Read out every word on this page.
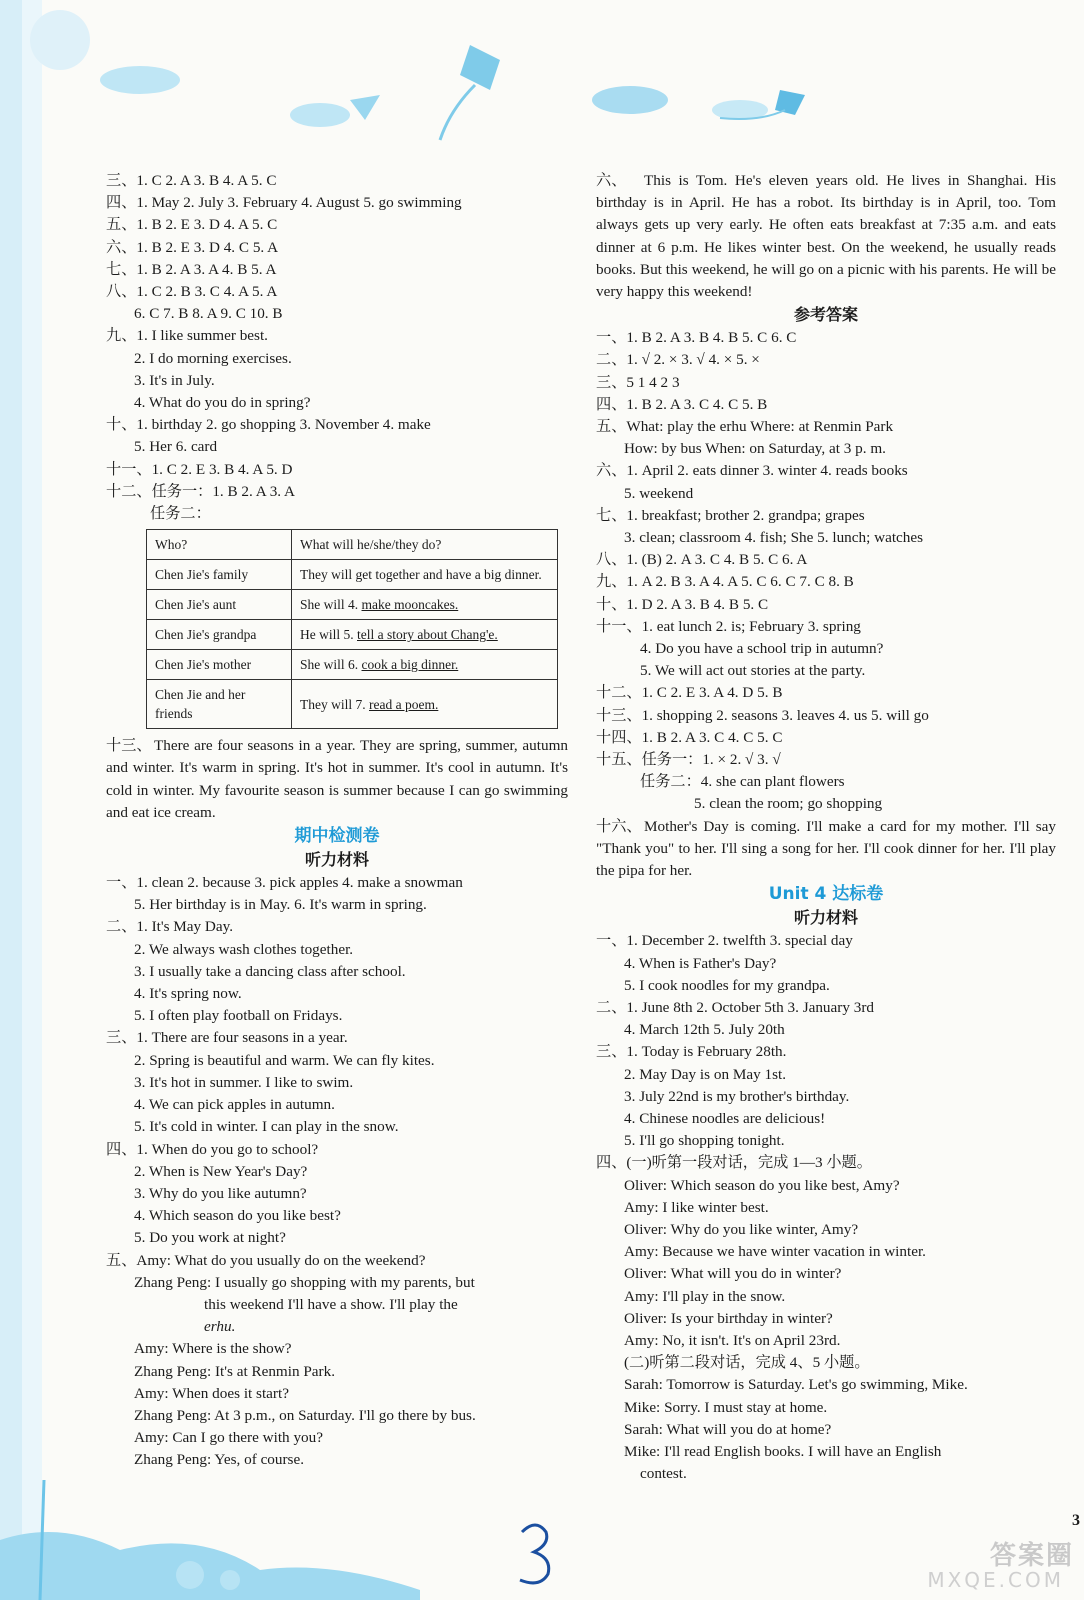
三、1. C 2. A 3. B 4. A 5. C
四、1. May 2. July 3. February 4. August 5. go swimming
五、1. B 2. E 3. D 4. A 5. C
六、1. B 2. E 3. D 4. C 5. A
七、1. B 2. A 3. A 4. B 5. A
八、1. C 2. B 3. C 4. A 5. A
6. C 7. B 8. A 9. C 10. B
九、1. I like summer best.
2. I do morning exercises.
3. It's in July.
4. What do you do in spring?
十、1. birthday 2. go shopping 3. November 4. make
5. Her 6. card
十一、1. C 2. E 3. B 4. A 5. D
十二、任务一：1. B 2. A 3. A
任务二：
Who?	What will he/she/they do?
Chen Jie's family	They will get together and have a big dinner.
Chen Jie's aunt	She will 4. make mooncakes.
Chen Jie's grandpa	He will 5. tell a story about Chang'e.
Chen Jie's mother	She will 6. cook a big dinner.
Chen Jie and her friends	They will 7. read a poem.
十三、 There are four seasons in a year. They are spring, summer, autumn and winter. It's warm in spring. It's hot in summer. It's cool in autumn. It's cold in winter. My favourite season is summer because I can go swimming and eat ice cream.
期中检测卷
听力材料
一、1. clean 2. because 3. pick apples 4. make a snowman
5. Her birthday is in May. 6. It's warm in spring.
二、1. It's May Day.
2. We always wash clothes together.
3. I usually take a dancing class after school.
4. It's spring now.
5. I often play football on Fridays.
三、1. There are four seasons in a year.
2. Spring is beautiful and warm. We can fly kites.
3. It's hot in summer. I like to swim.
4. We can pick apples in autumn.
5. It's cold in winter. I can play in the snow.
四、1. When do you go to school?
2. When is New Year's Day?
3. Why do you like autumn?
4. Which season do you like best?
5. Do you work at night?
五、Amy: What do you usually do on the weekend?
Zhang Peng: I usually go shopping with my parents, but
this weekend I'll have a show. I'll play the
erhu.
Amy: Where is the show?
Zhang Peng: It's at Renmin Park.
Amy: When does it start?
Zhang Peng: At 3 p.m., on Saturday. I'll go there by bus.
Amy: Can I go there with you?
Zhang Peng: Yes, of course.
六、 This is Tom. He's eleven years old. He lives in Shanghai. His birthday is in April. He has a robot. Its birthday is in April, too. Tom always gets up very early. He often eats breakfast at 7:35 a.m. and eats dinner at 6 p.m. He likes winter best. On the weekend, he usually reads books. But this weekend, he will go on a picnic with his parents. He will be very happy this weekend!
参考答案
一、1. B 2. A 3. B 4. B 5. C 6. C
二、1. √ 2. × 3. √ 4. × 5. ×
三、5 1 4 2 3
四、1. B 2. A 3. C 4. C 5. B
五、What: play the erhu Where: at Renmin Park
How: by bus When: on Saturday, at 3 p. m.
六、1. April 2. eats dinner 3. winter 4. reads books
5. weekend
七、1. breakfast; brother 2. grandpa; grapes
3. clean; classroom 4. fish; She 5. lunch; watches
八、1. (B) 2. A 3. C 4. B 5. C 6. A
九、1. A 2. B 3. A 4. A 5. C 6. C 7. C 8. B
十、1. D 2. A 3. B 4. B 5. C
十一、1. eat lunch 2. is; February 3. spring
4. Do you have a school trip in autumn?
5. We will act out stories at the party.
十二、1. C 2. E 3. A 4. D 5. B
十三、1. shopping 2. seasons 3. leaves 4. us 5. will go
十四、1. B 2. A 3. C 4. C 5. C
十五、任务一：1. × 2. √ 3. √
任务二：4. she can plant flowers
5. clean the room; go shopping
十六、 Mother's Day is coming. I'll make a card for my mother. I'll say "Thank you" to her. I'll sing a song for her. I'll cook dinner for her. I'll play the pipa for her.
Unit 4 达标卷
听力材料
一、1. December 2. twelfth 3. special day
4. When is Father's Day?
5. I cook noodles for my grandpa.
二、1. June 8th 2. October 5th 3. January 3rd
4. March 12th 5. July 20th
三、1. Today is February 28th.
2. May Day is on May 1st.
3. July 22nd is my brother's birthday.
4. Chinese noodles are delicious!
5. I'll go shopping tonight.
四、(一)听第一段对话，完成 1—3 小题。
Oliver: Which season do you like best, Amy?
Amy: I like winter best.
Oliver: Why do you like winter, Amy?
Amy: Because we have winter vacation in winter.
Oliver: What will you do in winter?
Amy: I'll play in the snow.
Oliver: Is your birthday in winter?
Amy: No, it isn't. It's on April 23rd.
(二)听第二段对话，完成 4、5 小题。
Sarah: Tomorrow is Saturday. Let's go swimming, Mike.
Mike: Sorry. I must stay at home.
Sarah: What will you do at home?
Mike: I'll read English books. I will have an English
contest.
3
答案圈
MXQE.COM
